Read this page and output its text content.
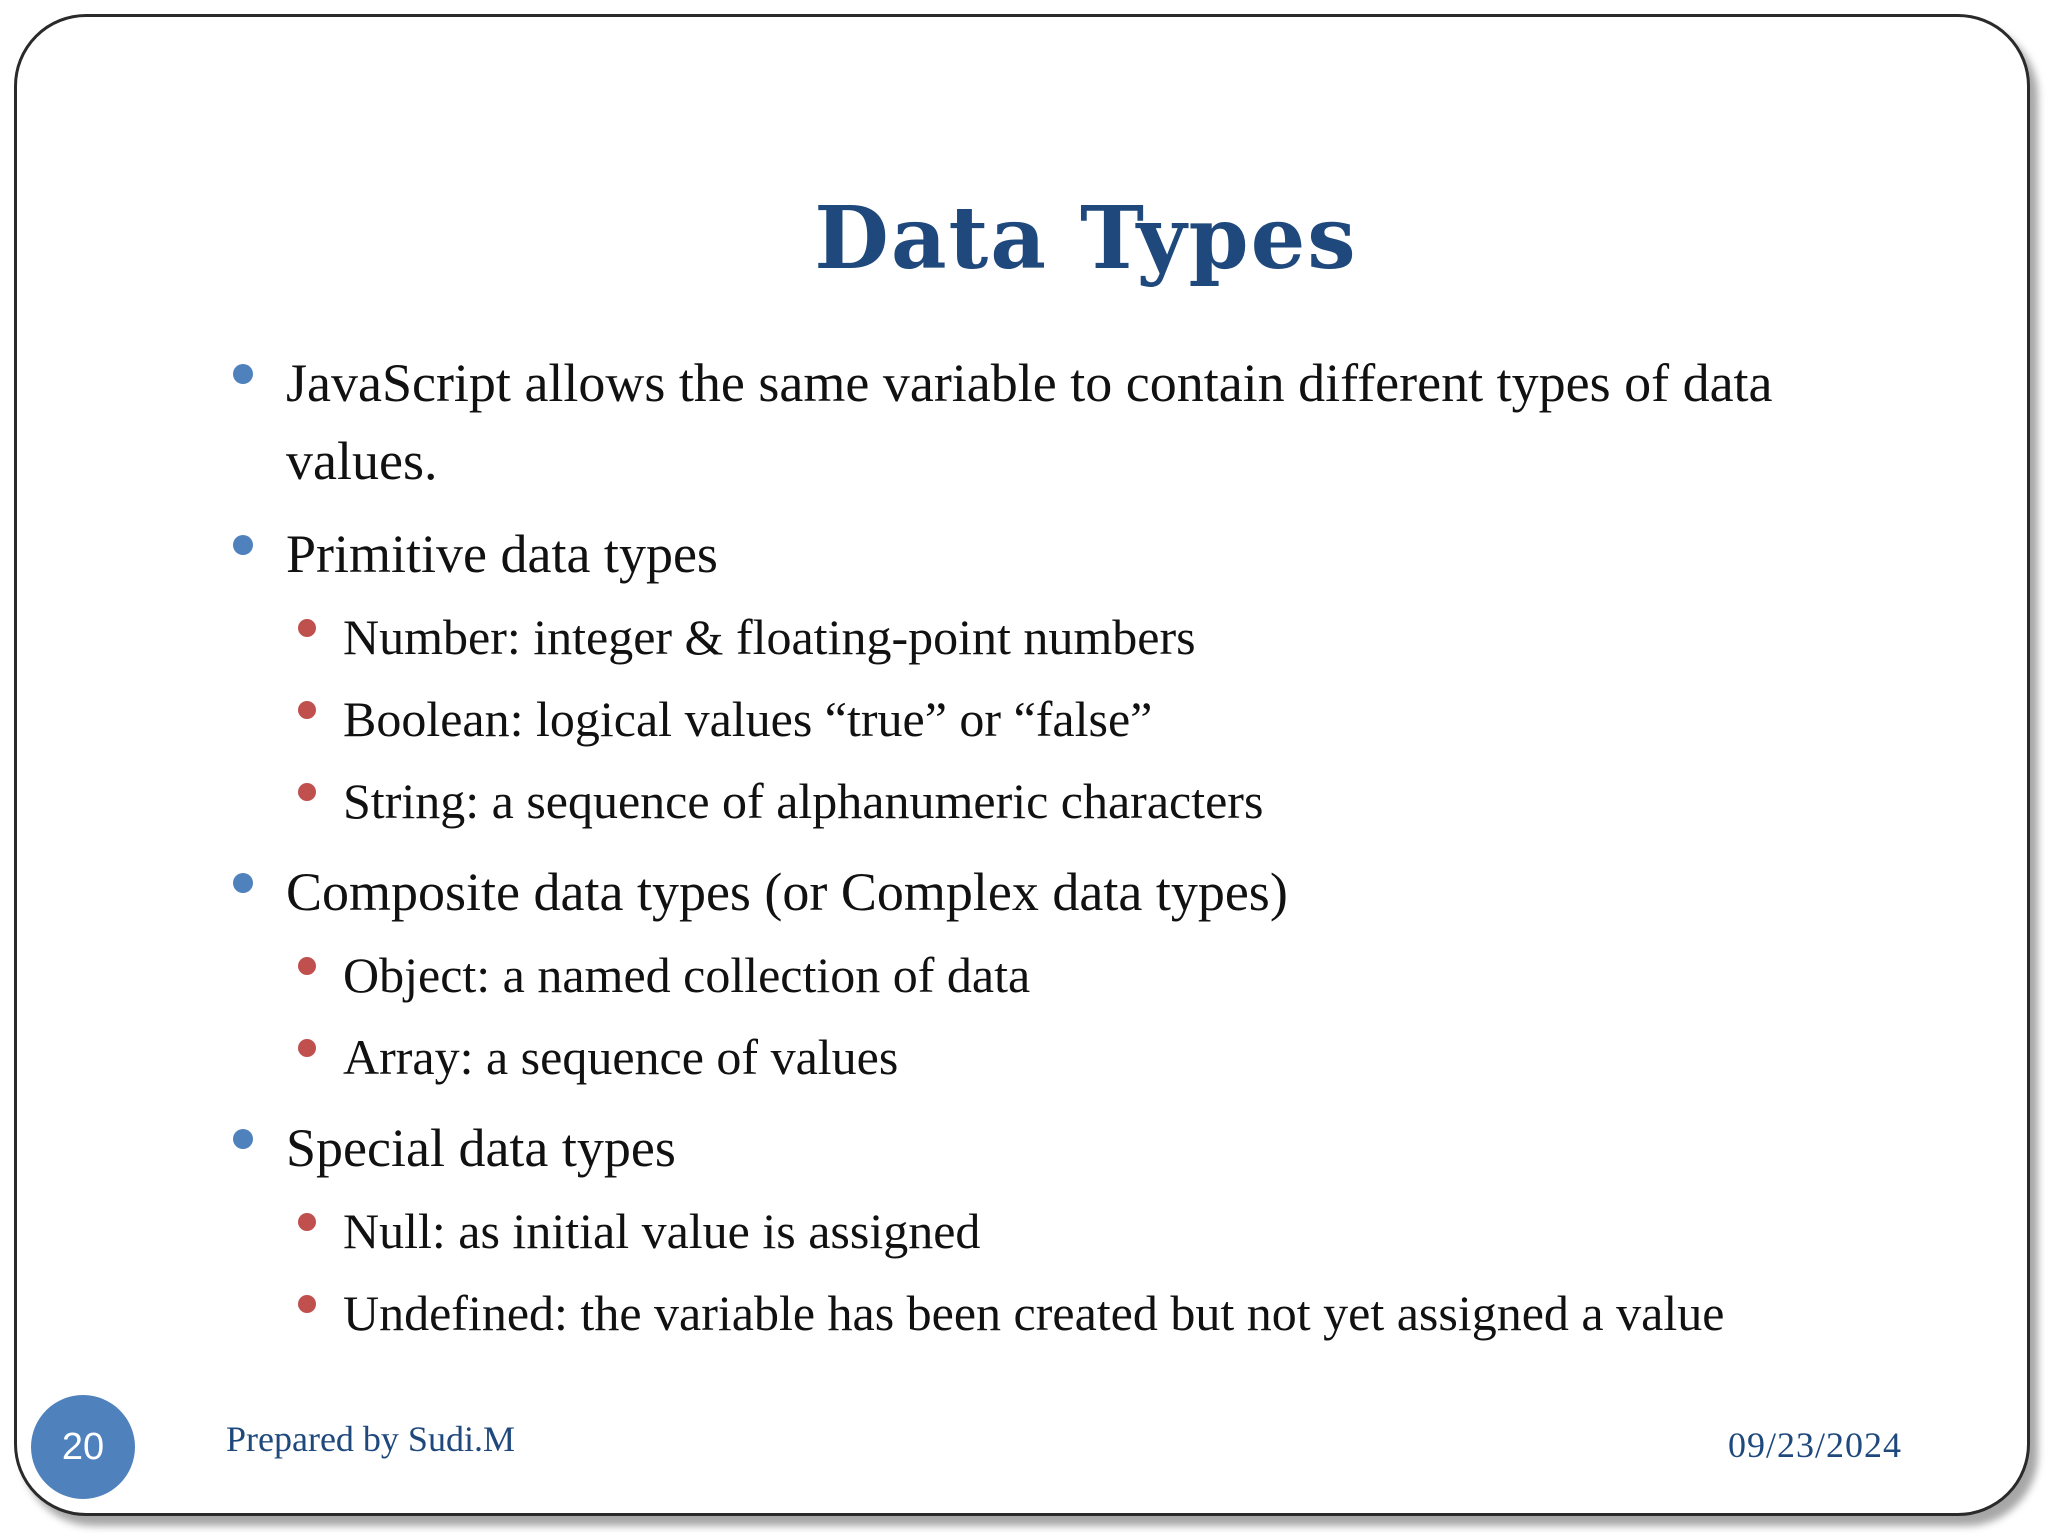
Data Types
JavaScript allows the same variable to contain different types of data
values.
Primitive data types
Number: integer & floating-point numbers
Boolean: logical values “true” or “false”
String: a sequence of alphanumeric characters
Composite data types (or Complex data types)
Object: a named collection of data
Array: a sequence of values
Special data types
Null: as initial value is assigned
Undefined: the variable has been created but not yet assigned a value
20	Prepared by Sudi.M	09/23/2024
